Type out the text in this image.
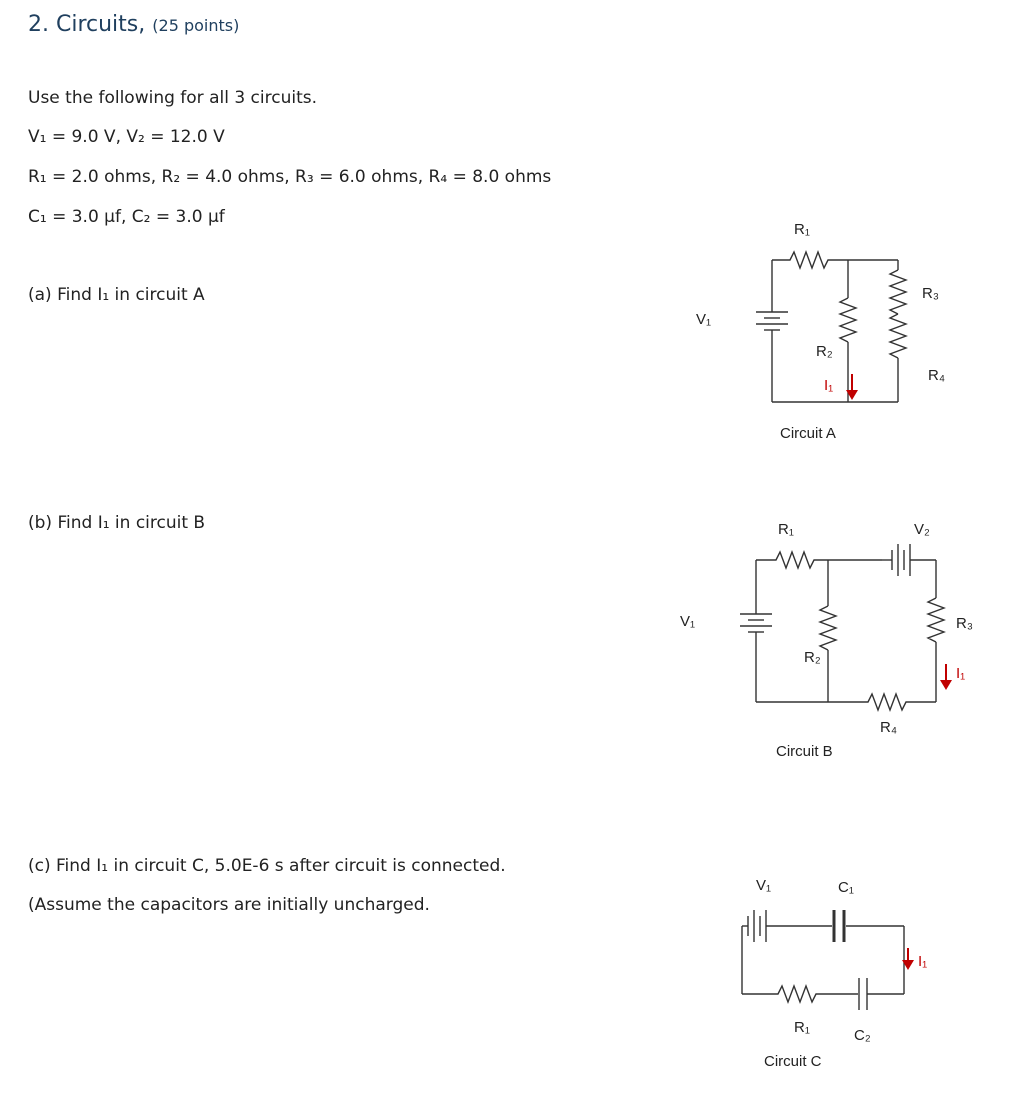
2. Circuits, (25 points)
Use the following for all 3 circuits.
V₁ = 9.0 V, V₂ = 12.0 V
R₁ = 2.0 ohms, R₂ = 4.0 ohms, R₃ = 6.0 ohms, R₄ = 8.0 ohms
C₁ = 3.0 μf, C₂ = 3.0 μf
(a) Find I₁ in circuit A
(b) Find I₁ in circuit B
(c) Find I₁ in circuit C, 5.0E-6 s after circuit is connected.
(Assume the capacitors are initially uncharged.
R₁
R₃
V₁
R₂
R₄
I₁
Circuit A
R₁	V₂
V₁	R₃
R₂
I₁
R₄
Circuit B
V₁	C₁
I₁
R₁	C₂
Circuit C
